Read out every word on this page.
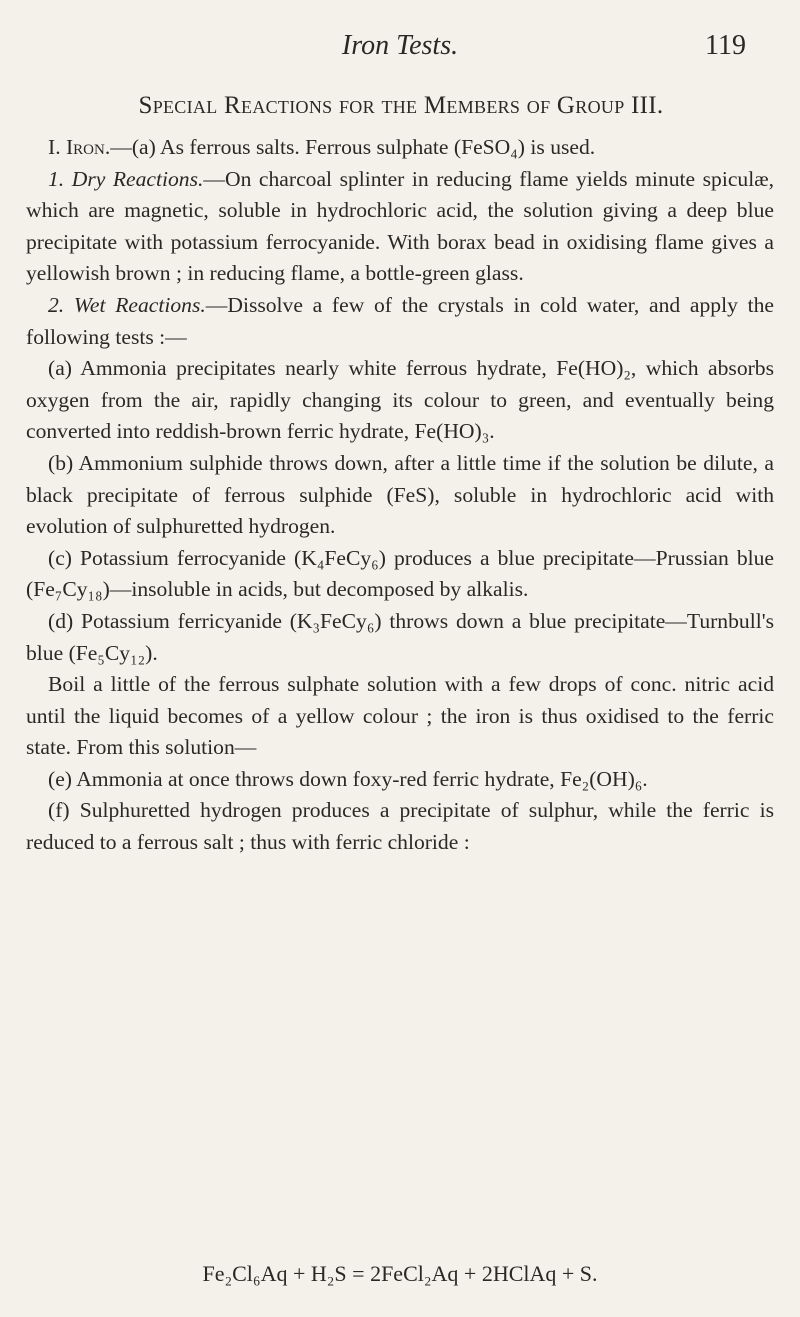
Iron Tests.	119
Special Reactions for the Members of Group III.

I. Iron.—(a) As ferrous salts. Ferrous sulphate (FeSO₄) is used.

1. Dry Reactions.—On charcoal splinter in reducing flame yields minute spiculæ, which are magnetic, soluble in hydrochloric acid, the solution giving a deep blue precipitate with potassium ferrocyanide. With borax bead in oxidising flame gives a yellowish brown ; in reducing flame, a bottle-green glass.

2. Wet Reactions.—Dissolve a few of the crystals in cold water, and apply the following tests :—

(a) Ammonia precipitates nearly white ferrous hydrate, Fe(HO)₂, which absorbs oxygen from the air, rapidly changing its colour to green, and eventually being converted into reddish-brown ferric hydrate, Fe(HO)₃.

(b) Ammonium sulphide throws down, after a little time if the solution be dilute, a black precipitate of ferrous sulphide (FeS), soluble in hydrochloric acid with evolution of sulphuretted hydrogen.

(c) Potassium ferrocyanide (K₄FeCy₆) produces a blue precipitate—Prussian blue (Fe₇Cy₁₈)—insoluble in acids, but decomposed by alkalis.

(d) Potassium ferricyanide (K₃FeCy₆) throws down a blue precipitate—Turnbull's blue (Fe₅Cy₁₂).

Boil a little of the ferrous sulphate solution with a few drops of conc. nitric acid until the liquid becomes of a yellow colour ; the iron is thus oxidised to the ferric state. From this solution—

(e) Ammonia at once throws down foxy-red ferric hydrate, Fe₂(OH)₆.

(f) Sulphuretted hydrogen produces a precipitate of sulphur, while the ferric is reduced to a ferrous salt ; thus with ferric chloride :

Fe₂Cl₆Aq + H₂S = 2FeCl₂Aq + 2HClAq + S.
